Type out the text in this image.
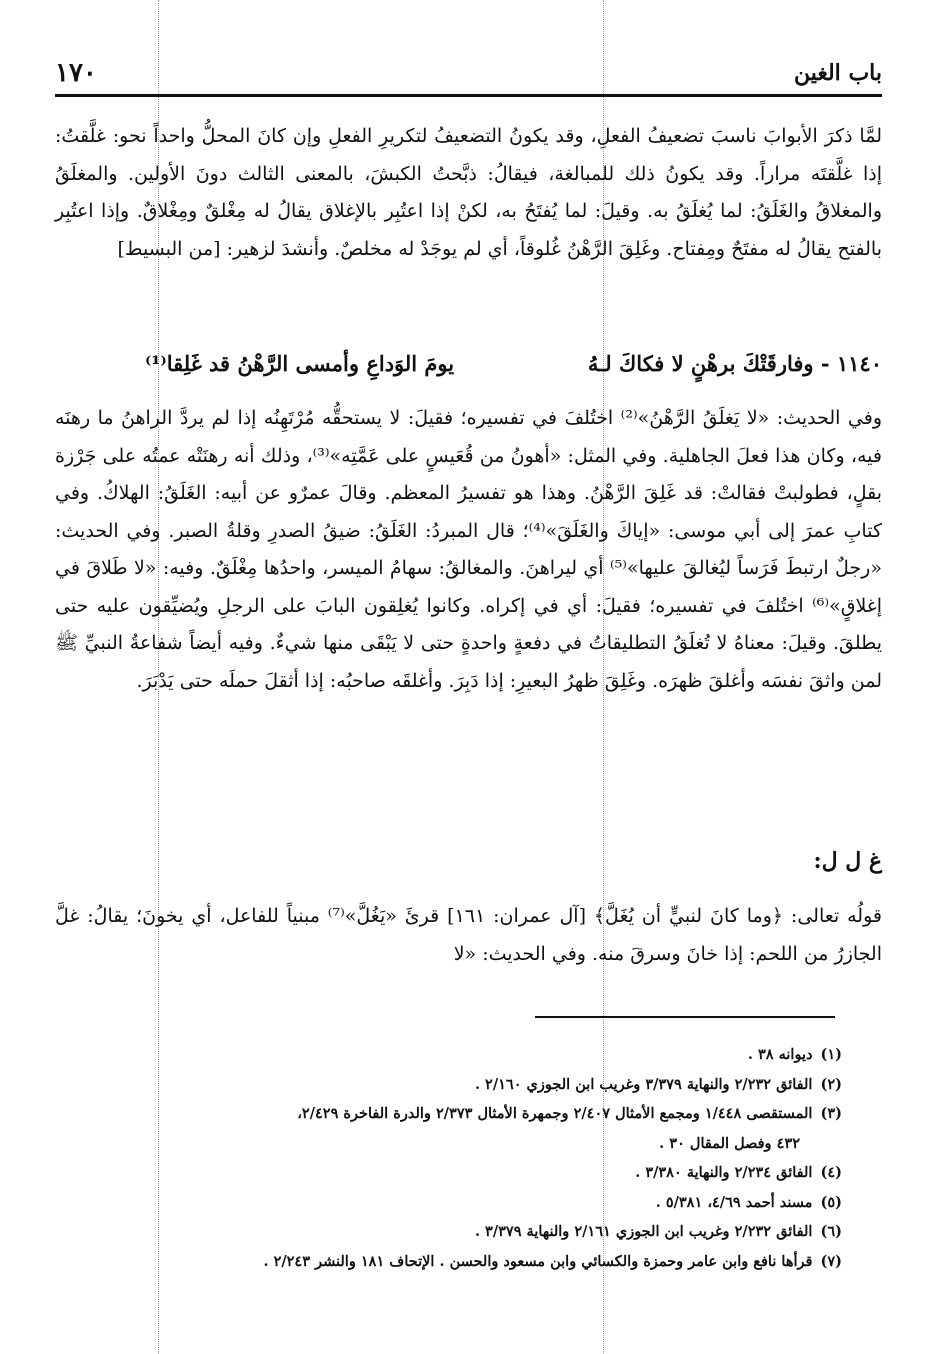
باب الغين
١٧٠

لمَّا ذكرَ الأبوابَ ناسبَ تضعيفُ الفعلِ، وقد يكونُ التضعيفُ لتكريرِ الفعلِ وإن كانَ المحلُّ واحداً نحو: غلَّقتُ: إذا غلَّقتَه مراراً. وقد يكونُ ذلك للمبالغة، فيقالُ: ذبَّحتُ الكبشَ، بالمعنى الثالث دونَ الأولين. والمغلَقُ والمغلاقُ والغَلَقُ: لما يُغلَقُ به. وقيلَ: لما يُفتَحُ به، لكنْ إذا اعتُبِر بالإغلاق يقالُ له مِغْلقٌ ومِغْلاقٌ. وإذا اعتُبِر بالفتح يقالُ له مفتَحٌ ومِفتاح. وغَلِقَ الرَّهْنُ غُلوقاً، أي لم يوجَدْ له مخلصٌ. وأنشدَ لزهير: [من البسيط]

١١٤٠ - وفارقَتْكَ برهْنٍ لا فكاكَ لـهُ
يومَ الوَداعِ وأمسى الرَّهْنُ قد غَلِقا⁽¹⁾

وفي الحديث: «لا يَغلَقُ الرَّهْنُ»⁽²⁾ اختُلفَ في تفسيره؛ فقيلَ: لا يستحقُّه مُرْتَهِنُه إذا لم يردَّ الراهنُ ما رهنَه فيه، وكان هذا فعلَ الجاهلية. وفي المثل: «أهونُ من قُعَيسٍ على عَمَّتِه»⁽³⁾، وذلك أنه رهنَتْه عمتُه على جَرْزة بقلٍ، فطولبتْ فقالتْ: قد غَلِقَ الرَّهْنُ. وهذا هو تفسيرُ المعظم. وقالَ عمرٌو عن أبيه: الغَلَقُ: الهلاكُ. وفي كتابِ عمرَ إلى أبي موسى: «إياكَ والغَلَقَ»⁽⁴⁾؛ قال المبردُ: الغَلَقُ: ضيقُ الصدرِ وقلةُ الصبر. وفي الحديث: «رجلٌ ارتبطَ فَرَساً ليُغالقَ عليها»⁽⁵⁾ أي ليراهنَ. والمغالقُ: سهامُ الميسر، واحدُها مِغْلَقٌ. وفيه: «لا طَلاقَ في إغلاقٍ»⁽⁶⁾ اختُلفَ في تفسيره؛ فقيلَ: أي في إكراه. وكانوا يُغلِقون البابَ على الرجلِ ويُضيِّقون عليه حتى يطلقَ. وقيلَ: معناهُ لا تُغلَقُ التطليقاتُ في دفعةٍ واحدةٍ حتى لا يَبْقَى منها شيءٌ. وفيه أيضاً شفاعةُ النبيِّ ﷺ لمن واثقَ نفسَه وأغلقَ ظهرَه. وغَلِقَ ظهرُ البعيرِ: إذا دَبِرَ. وأغلقَه صاحبُه: إذا أثقلَ حملَه حتى يَدْبَرَ.

غ ل ل:

قولُه تعالى: ﴿وما كانَ لنبيٍّ أن يُغَلَّ﴾ [آل عمران: ١٦١] قرئَ «يَغُلَّ»⁽⁷⁾ مبنياً للفاعل، أي يخونَ؛ يقالُ: غلَّ الجازرُ من اللحم: إذا خانَ وسرقَ منه. وفي الحديث: «لا

(١)ديوانه ٣٨ .

(٢)الفائق ٢/٢٣٢ والنهاية ٣/٣٧٩ وغريب ابن الجوزي ٢/١٦٠ .

(٣)المستقصى ١/٤٤٨ ومجمع الأمثال ٢/٤٠٧ وجمهرة الأمثال ٢/٣٧٣ والدرة الفاخرة ٢/٤٢٩،

٤٣٢ وفصل المقال ٣٠ .

(٤)الفائق ٢/٢٣٤ والنهاية ٣/٣٨٠ .

(٥)مسند أحمد ٤/٦٩، ٥/٣٨١ .

(٦)الفائق ٢/٢٣٢ وغريب ابن الجوزي ٢/١٦١ والنهاية ٣/٣٧٩ .

(٧)قرأها نافع وابن عامر وحمزة والكسائي وابن مسعود والحسن . الإتحاف ١٨١ والنشر ٢/٢٤٣ .
